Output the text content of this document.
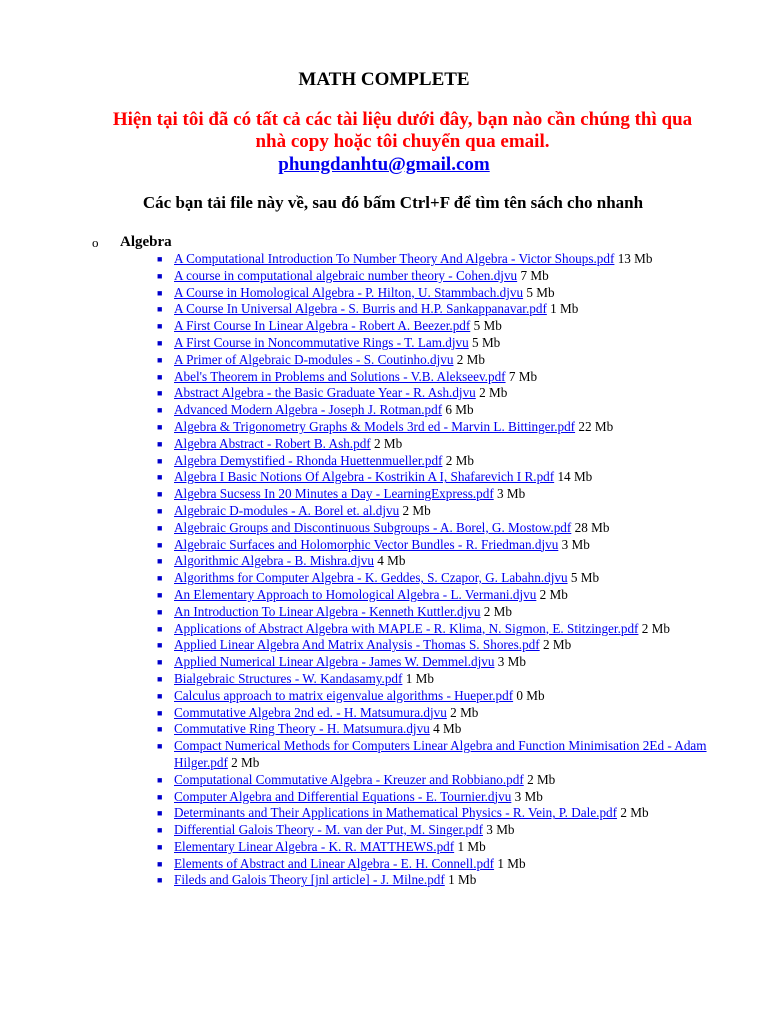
MATH COMPLETE
Hiện tại tôi đã có tất cả các tài liệu dưới đây, bạn nào cần chúng thì qua nhà copy hoặc tôi chuyển qua email.
phungdanhtu@gmail.com
Các bạn tải file này về, sau đó bấm Ctrl+F để tìm tên sách cho nhanh
o Algebra
■ A Computational Introduction To Number Theory And Algebra - Victor Shoups.pdf 13 Mb
■ A course in computational algebraic number theory - Cohen.djvu 7 Mb
■ A Course in Homological Algebra - P. Hilton, U. Stammbach.djvu 5 Mb
■ A Course In Universal Algebra - S. Burris and H.P. Sankappanavar.pdf 1 Mb
■ A First Course In Linear Algebra - Robert A. Beezer.pdf 5 Mb
■ A First Course in Noncommutative Rings - T. Lam.djvu 5 Mb
■ A Primer of Algebraic D-modules - S. Coutinho.djvu 2 Mb
■ Abel's Theorem in Problems and Solutions - V.B. Alekseev.pdf 7 Mb
■ Abstract Algebra - the Basic Graduate Year - R. Ash.djvu 2 Mb
■ Advanced Modern Algebra - Joseph J. Rotman.pdf 6 Mb
■ Algebra & Trigonometry Graphs & Models 3rd ed - Marvin L. Bittinger.pdf 22 Mb
■ Algebra Abstract - Robert B. Ash.pdf 2 Mb
■ Algebra Demystified - Rhonda Huettenmueller.pdf 2 Mb
■ Algebra I Basic Notions Of Algebra - Kostrikin A I, Shafarevich I R.pdf 14 Mb
■ Algebra Sucsess In 20 Minutes a Day - LearningExpress.pdf 3 Mb
■ Algebraic D-modules - A. Borel et. al.djvu 2 Mb
■ Algebraic Groups and Discontinuous Subgroups - A. Borel, G. Mostow.pdf 28 Mb
■ Algebraic Surfaces and Holomorphic Vector Bundles - R. Friedman.djvu 3 Mb
■ Algorithmic Algebra - B. Mishra.djvu 4 Mb
■ Algorithms for Computer Algebra - K. Geddes, S. Czapor, G. Labahn.djvu 5 Mb
■ An Elementary Approach to Homological Algebra - L. Vermani.djvu 2 Mb
■ An Introduction To Linear Algebra - Kenneth Kuttler.djvu 2 Mb
■ Applications of Abstract Algebra with MAPLE - R. Klima, N. Sigmon, E. Stitzinger.pdf 2 Mb
■ Applied Linear Algebra And Matrix Analysis - Thomas S. Shores.pdf 2 Mb
■ Applied Numerical Linear Algebra - James W. Demmel.djvu 3 Mb
■ Bialgebraic Structures - W. Kandasamy.pdf 1 Mb
■ Calculus approach to matrix eigenvalue algorithms - Hueper.pdf 0 Mb
■ Commutative Algebra 2nd ed. - H. Matsumura.djvu 2 Mb
■ Commutative Ring Theory - H. Matsumura.djvu 4 Mb
■ Compact Numerical Methods for Computers Linear Algebra and Function Minimisation 2Ed - Adam Hilger.pdf 2 Mb
■ Computational Commutative Algebra - Kreuzer and Robbiano.pdf 2 Mb
■ Computer Algebra and Differential Equations - E. Tournier.djvu 3 Mb
■ Determinants and Their Applications in Mathematical Physics - R. Vein, P. Dale.pdf 2 Mb
■ Differential Galois Theory - M. van der Put, M. Singer.pdf 3 Mb
■ Elementary Linear Algebra - K. R. MATTHEWS.pdf 1 Mb
■ Elements of Abstract and Linear Algebra - E. H. Connell.pdf 1 Mb
■ Fileds and Galois Theory [jnl article] - J. Milne.pdf 1 Mb
